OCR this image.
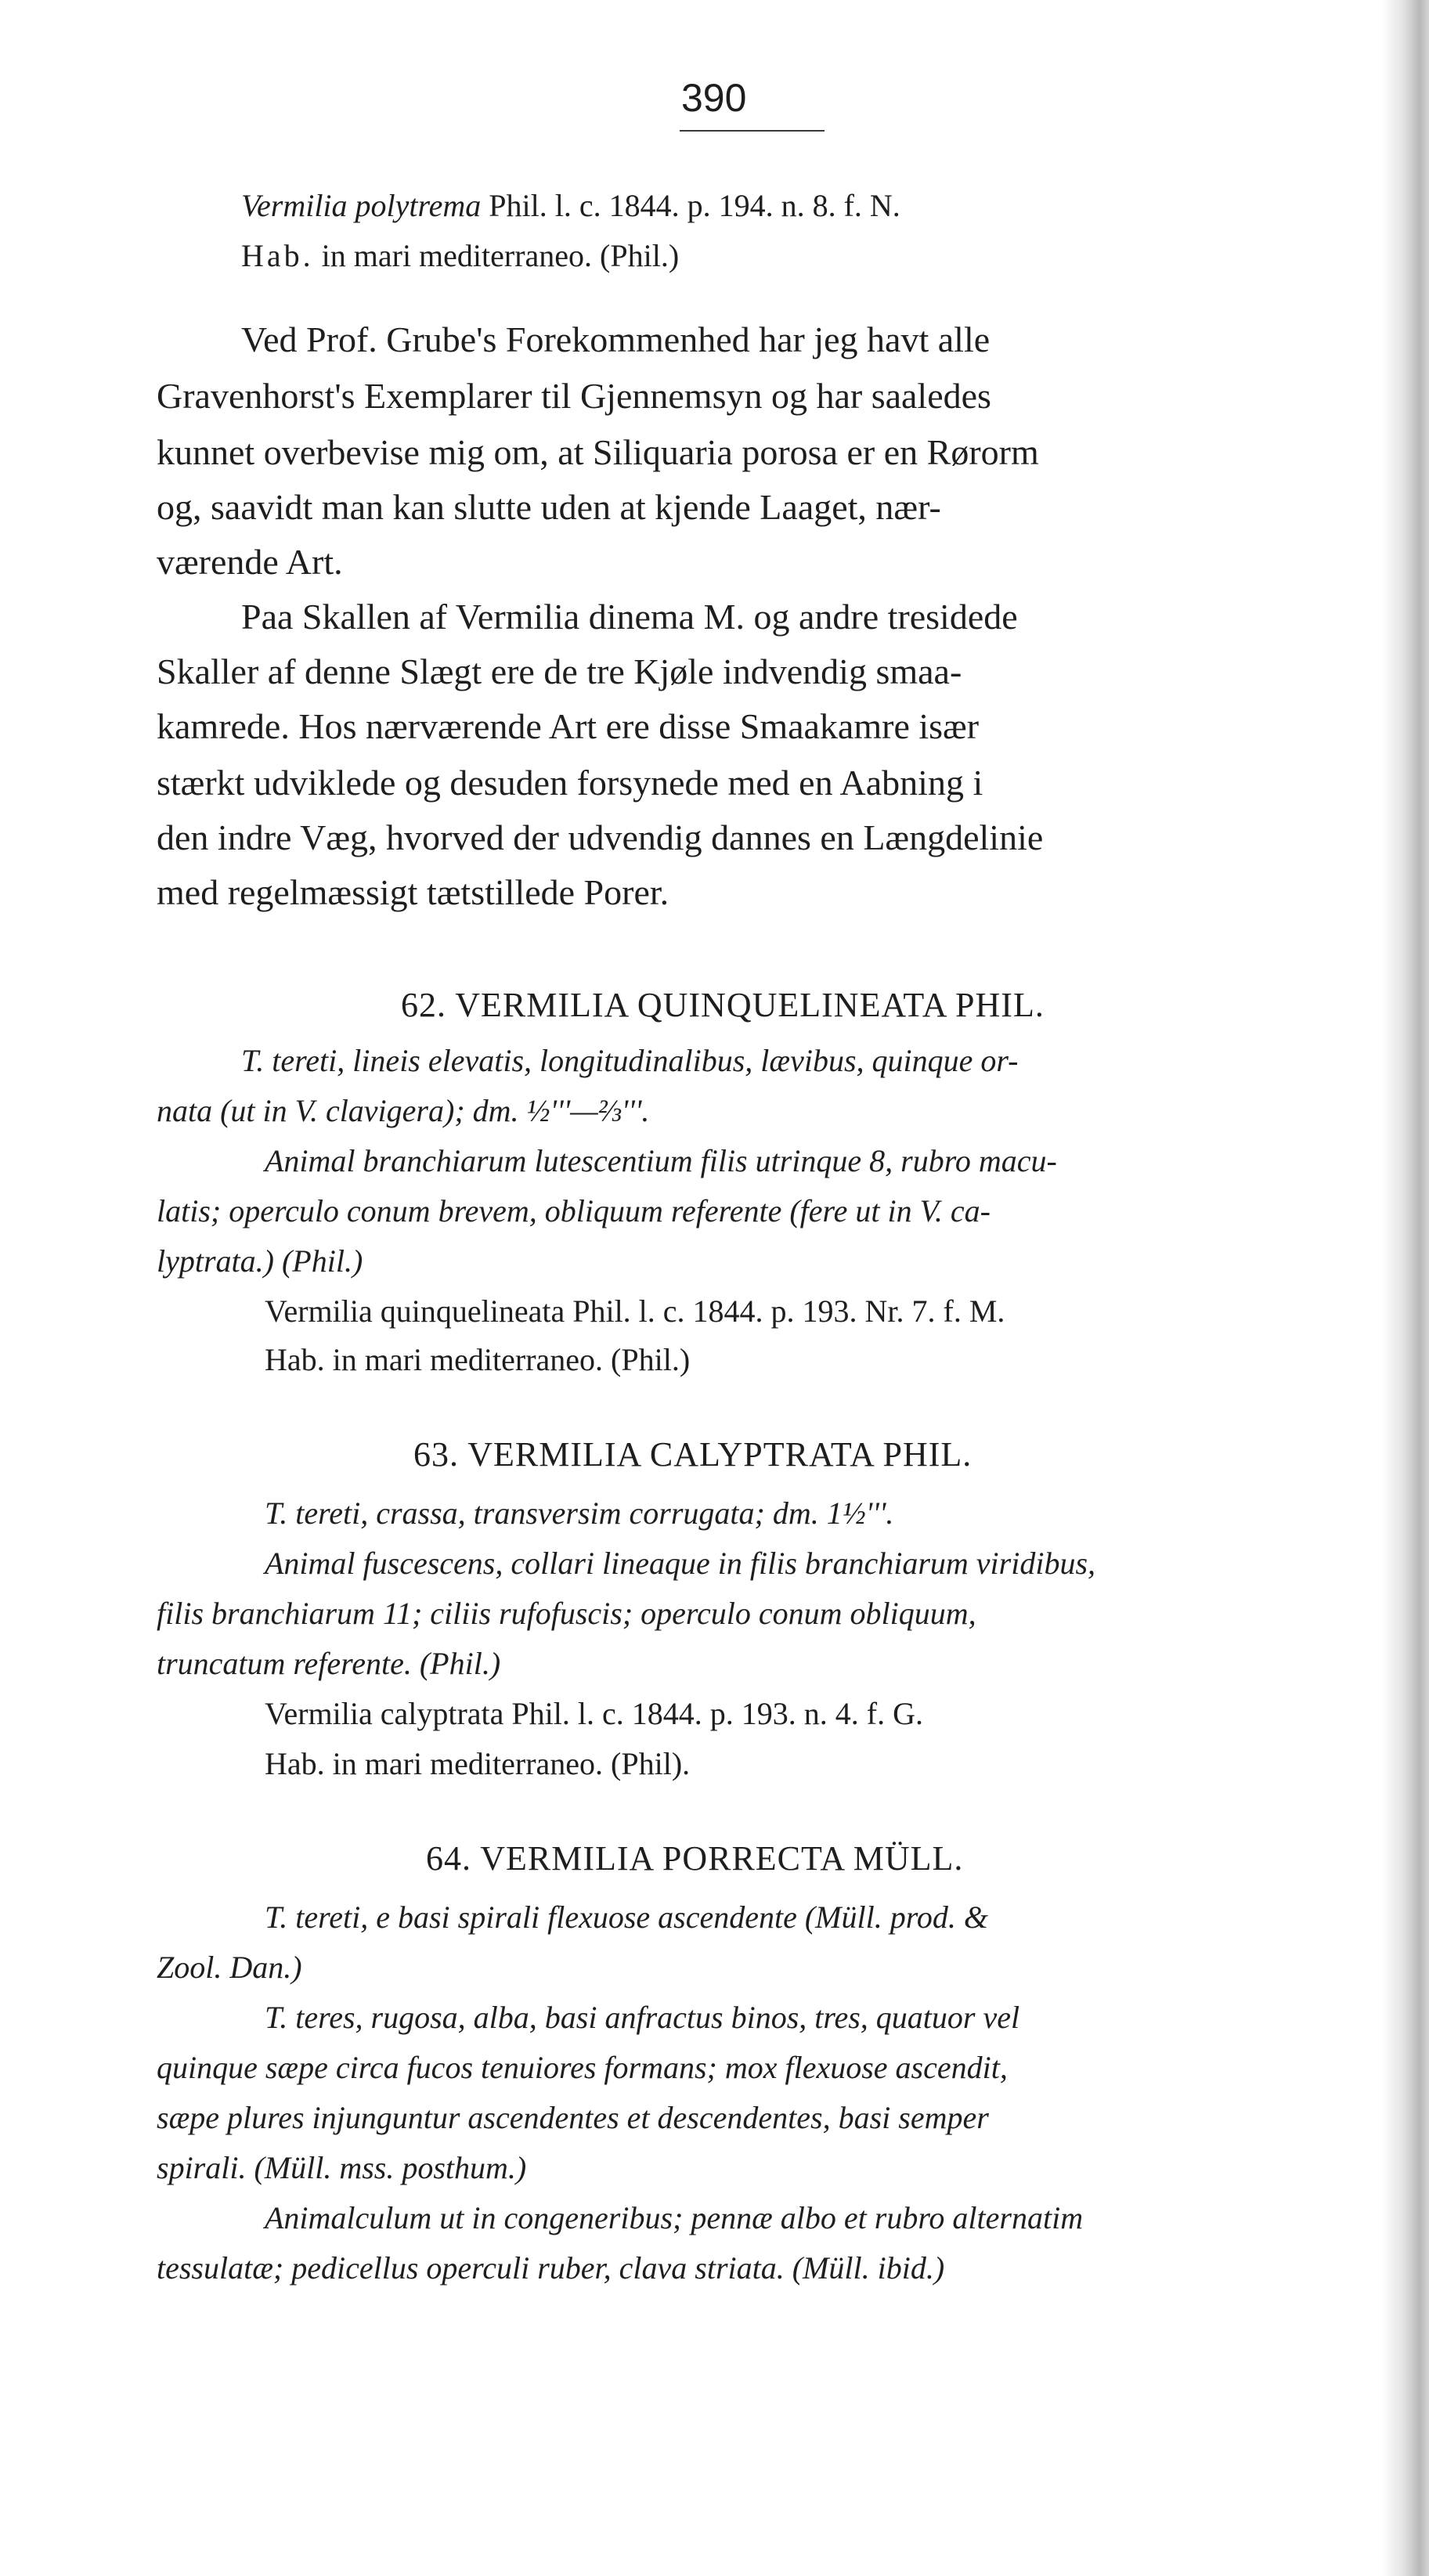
390
Vermilia polytrema Phil. l. c. 1844. p. 194. n. 8. f. N.
Hab. in mari mediterraneo. (Phil.)
Ved Prof. Grube's Forekommenhed har jeg havt alle
Gravenhorst's Exemplarer til Gjennemsyn og har saaledes
kunnet overbevise mig om, at Siliquaria porosa er en Rørorm
og, saavidt man kan slutte uden at kjende Laaget, nær-
værende Art.
Paa Skallen af Vermilia dinema M. og andre tresidede
Skaller af denne Slægt ere de tre Kjøle indvendig smaa-
kamrede. Hos nærværende Art ere disse Smaakamre især
stærkt udviklede og desuden forsynede med en Aabning i
den indre Væg, hvorved der udvendig dannes en Længdelinie
med regelmæssigt tætstillede Porer.
62. VERMILIA QUINQUELINEATA PHIL.
T. tereti, lineis elevatis, longitudinalibus, lævibus, quinque or-
nata (ut in V. clavigera); dm. ½'''—⅔'''.
Animal branchiarum lutescentium filis utrinque 8, rubro macu-
latis; operculo conum brevem, obliquum referente (fere ut in V. ca-
lyptrata.) (Phil.)
Vermilia quinquelineata Phil. l. c. 1844. p. 193. Nr. 7. f. M.
Hab. in mari mediterraneo. (Phil.)
63. VERMILIA CALYPTRATA PHIL.
T. tereti, crassa, transversim corrugata; dm. 1½'''.
Animal fuscescens, collari lineaque in filis branchiarum viridibus,
filis branchiarum 11; ciliis rufofuscis; operculo conum obliquum,
truncatum referente. (Phil.)
Vermilia calyptrata Phil. l. c. 1844. p. 193. n. 4. f. G.
Hab. in mari mediterraneo. (Phil).
64. VERMILIA PORRECTA MÜLL.
T. tereti, e basi spirali flexuose ascendente (Müll. prod. &
Zool. Dan.)
T. teres, rugosa, alba, basi anfractus binos, tres, quatuor vel
quinque sæpe circa fucos tenuiores formans; mox flexuose ascendit,
sæpe plures injunguntur ascendentes et descendentes, basi semper
spirali. (Müll. mss. posthum.)
Animalculum ut in congeneribus; pennæ albo et rubro alternatim
tessulatæ; pedicellus operculi ruber, clava striata. (Müll. ibid.)
